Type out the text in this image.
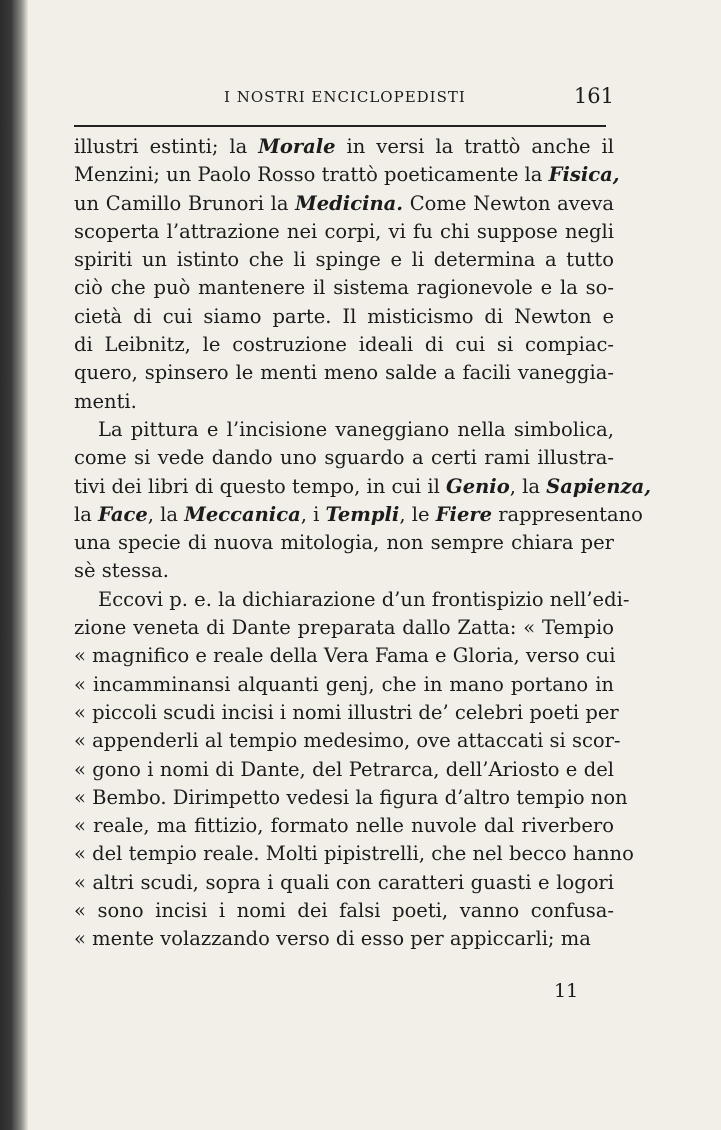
I NOSTRI ENCICLOPEDISTI	161
illustri estinti; la Morale in versi la trattò anche il
Menzini; un Paolo Rosso trattò poeticamente la Fisica,
un Camillo Brunori la Medicina. Come Newton aveva
scoperta l’attrazione nei corpi, vi fu chi suppose negli
spiriti un istinto che li spinge e li determina a tutto
ciò che può mantenere il sistema ragionevole e la so-
cietà di cui siamo parte. Il misticismo di Newton e
di Leibnitz, le costruzione ideali di cui si compiac-
quero, spinsero le menti meno salde a facili vaneggia-
menti.
La pittura e l’incisione vaneggiano nella simbolica,
come si vede dando uno sguardo a certi rami illustra-
tivi dei libri di questo tempo, in cui il Genio, la Sapienza,
la Face, la Meccanica, i Templi, le Fiere rappresentano
una specie di nuova mitologia, non sempre chiara per
sè stessa.
Eccovi p. e. la dichiarazione d’un frontispizio nell’edi-
zione veneta di Dante preparata dallo Zatta: « Tempio
« magnifico e reale della Vera Fama e Gloria, verso cui
« incamminansi alquanti genj, che in mano portano in
« piccoli scudi incisi i nomi illustri de’ celebri poeti per
« appenderli al tempio medesimo, ove attaccati si scor-
« gono i nomi di Dante, del Petrarca, dell’Ariosto e del
« Bembo. Dirimpetto vedesi la figura d’altro tempio non
« reale, ma fittizio, formato nelle nuvole dal riverbero
« del tempio reale. Molti pipistrelli, che nel becco hanno
« altri scudi, sopra i quali con caratteri guasti e logori
« sono incisi i nomi dei falsi poeti, vanno confusa-
« mente volazzando verso di esso per appiccarli; ma
11
